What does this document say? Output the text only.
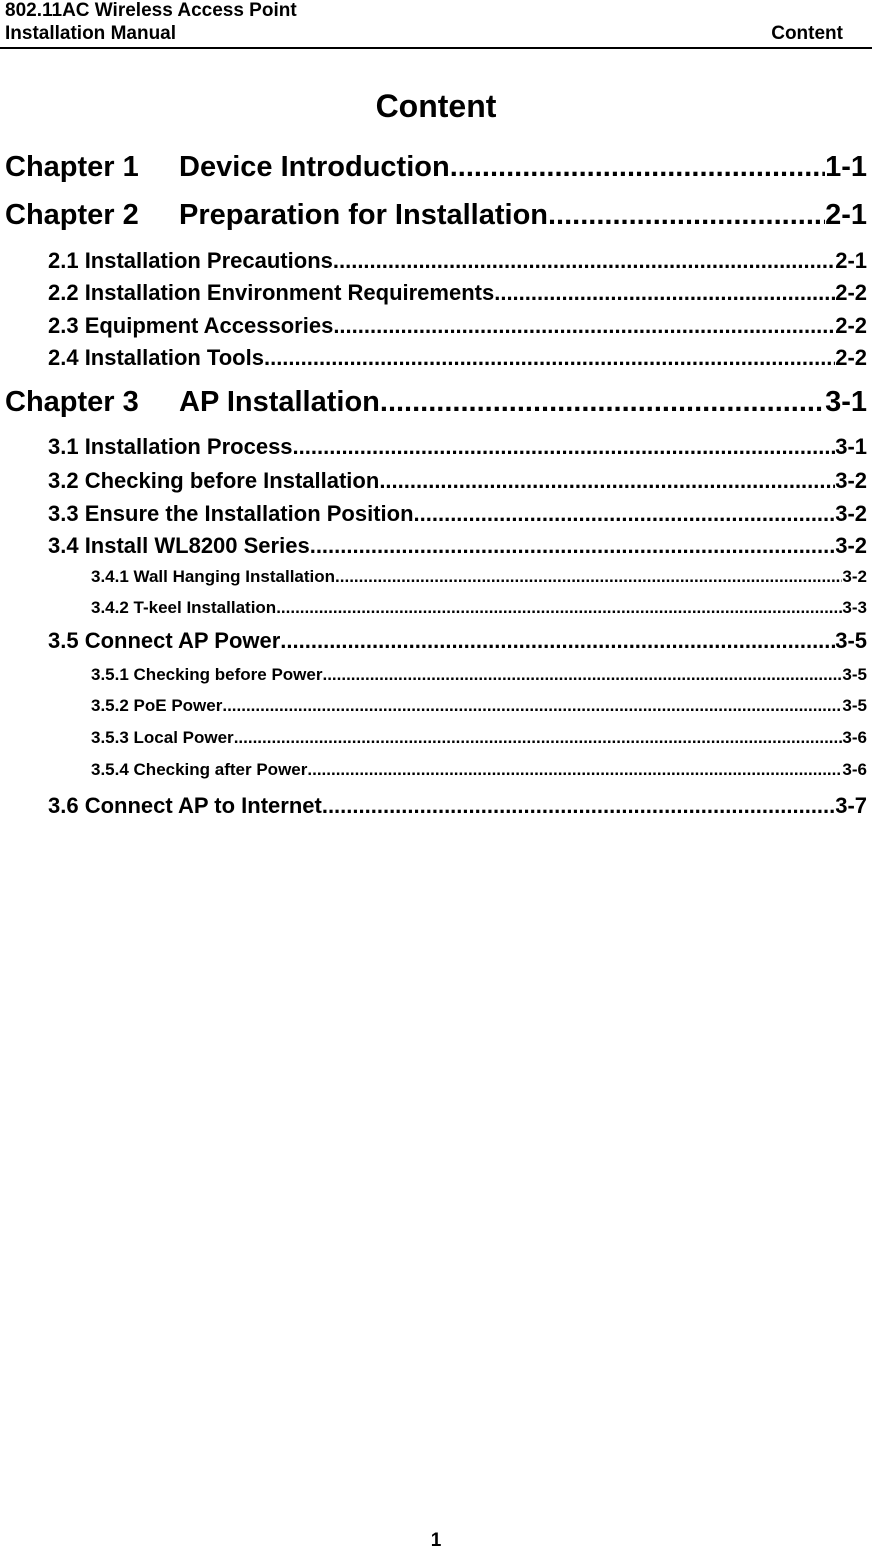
802.11AC Wireless Access Point
Installation Manual	Content
Content
Chapter 1 Device Introduction .....	1-1
Chapter 2 Preparation for Installation .....	2-1
2.1 Installation Precautions .....	2-1
2.2 Installation Environment Requirements .....	2-2
2.3 Equipment Accessories .....	2-2
2.4 Installation Tools .....	2-2
Chapter 3 AP Installation .....	3-1
3.1 Installation Process .....	3-1
3.2 Checking before Installation .....	3-2
3.3 Ensure the Installation Position .....	3-2
3.4 Install WL8200 Series .....	3-2
3.4.1 Wall Hanging Installation .....	3-2
3.4.2 T-keel Installation .....	3-3
3.5 Connect AP Power .....	3-5
3.5.1 Checking before Power .....	3-5
3.5.2 PoE Power .....	3-5
3.5.3 Local Power .....	3-6
3.5.4 Checking after Power .....	3-6
3.6 Connect AP to Internet .....	3-7
1
